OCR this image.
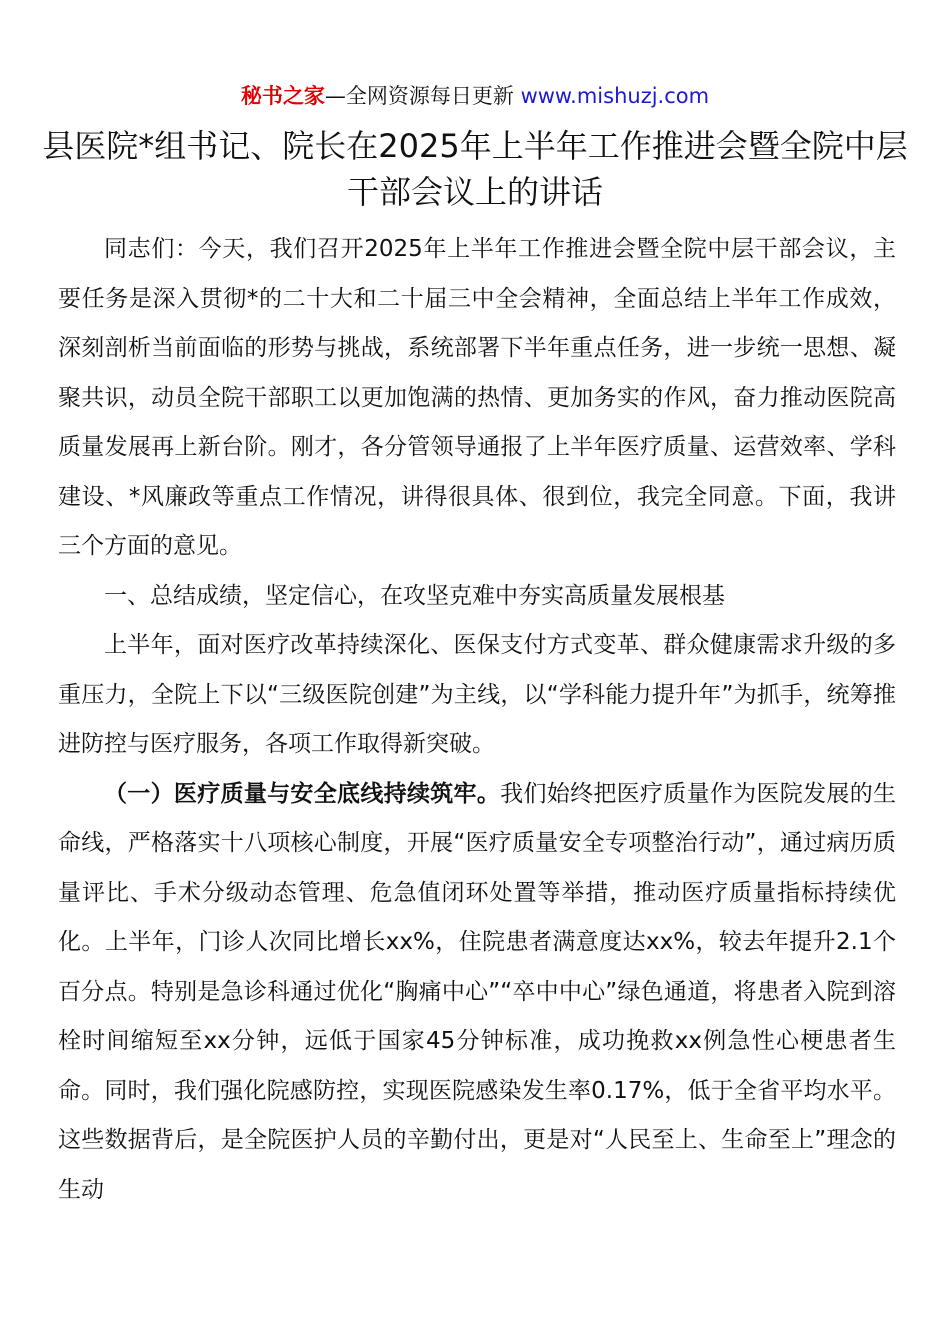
秘书之家—全网资源每日更新 www.mishuzj.com
县医院*组书记、院长在2025年上半年工作推进会暨全院中层干部会议上的讲话

同志们：今天，我们召开2025年上半年工作推进会暨全院中层干部会议，主要任务是深入贯彻*的二十大和二十届三中全会精神，全面总结上半年工作成效，深刻剖析当前面临的形势与挑战，系统部署下半年重点任务，进一步统一思想、凝聚共识，动员全院干部职工以更加饱满的热情、更加务实的作风，奋力推动医院高质量发展再上新台阶。刚才，各分管领导通报了上半年医疗质量、运营效率、学科建设、*风廉政等重点工作情况，讲得很具体、很到位，我完全同意。下面，我讲三个方面的意见。

一、总结成绩，坚定信心，在攻坚克难中夯实高质量发展根基

上半年，面对医疗改革持续深化、医保支付方式变革、群众健康需求升级的多重压力，全院上下以“三级医院创建”为主线，以“学科能力提升年”为抓手，统筹推进防控与医疗服务，各项工作取得新突破。

（一）医疗质量与安全底线持续筑牢。我们始终把医疗质量作为医院发展的生命线，严格落实十八项核心制度，开展“医疗质量安全专项整治行动”，通过病历质量评比、手术分级动态管理、危急值闭环处置等举措，推动医疗质量指标持续优化。上半年，门诊人次同比增长xx%，住院患者满意度达xx%，较去年提升2.1个百分点。特别是急诊科通过优化“胸痛中心”“卒中中心”绿色通道，将患者入院到溶栓时间缩短至xx分钟，远低于国家45分钟标准，成功挽救xx例急性心梗患者生命。同时，我们强化院感防控，实现医院感染发生率0.17%，低于全省平均水平。这些数据背后，是全院医护人员的辛勤付出，更是对“人民至上、生命至上”理念的生动
